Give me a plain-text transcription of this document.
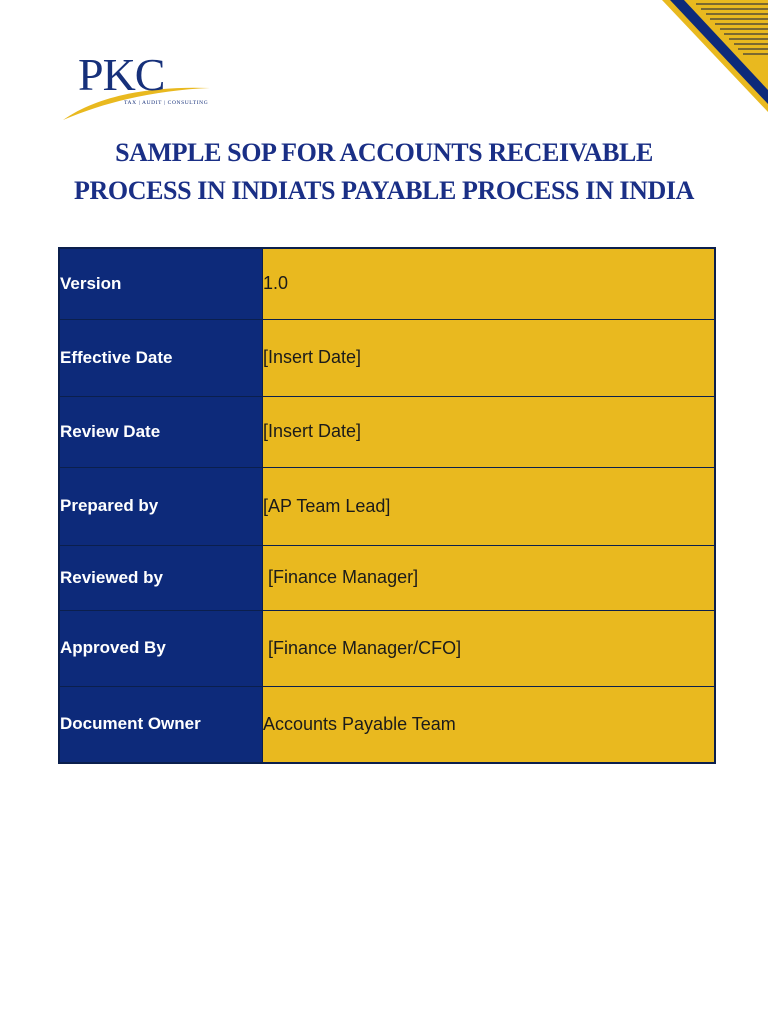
PKC
TAX | AUDIT | CONSULTING
SAMPLE SOP FOR ACCOUNTS RECEIVABLE
PROCESS IN INDIATS PAYABLE PROCESS IN INDIA
Version	1.0
Effective Date	[Insert Date]
Review Date	[Insert Date]
Prepared by	[AP Team Lead]
Reviewed by	[Finance Manager]
Approved By	[Finance Manager/CFO]
Document Owner	Accounts Payable Team
